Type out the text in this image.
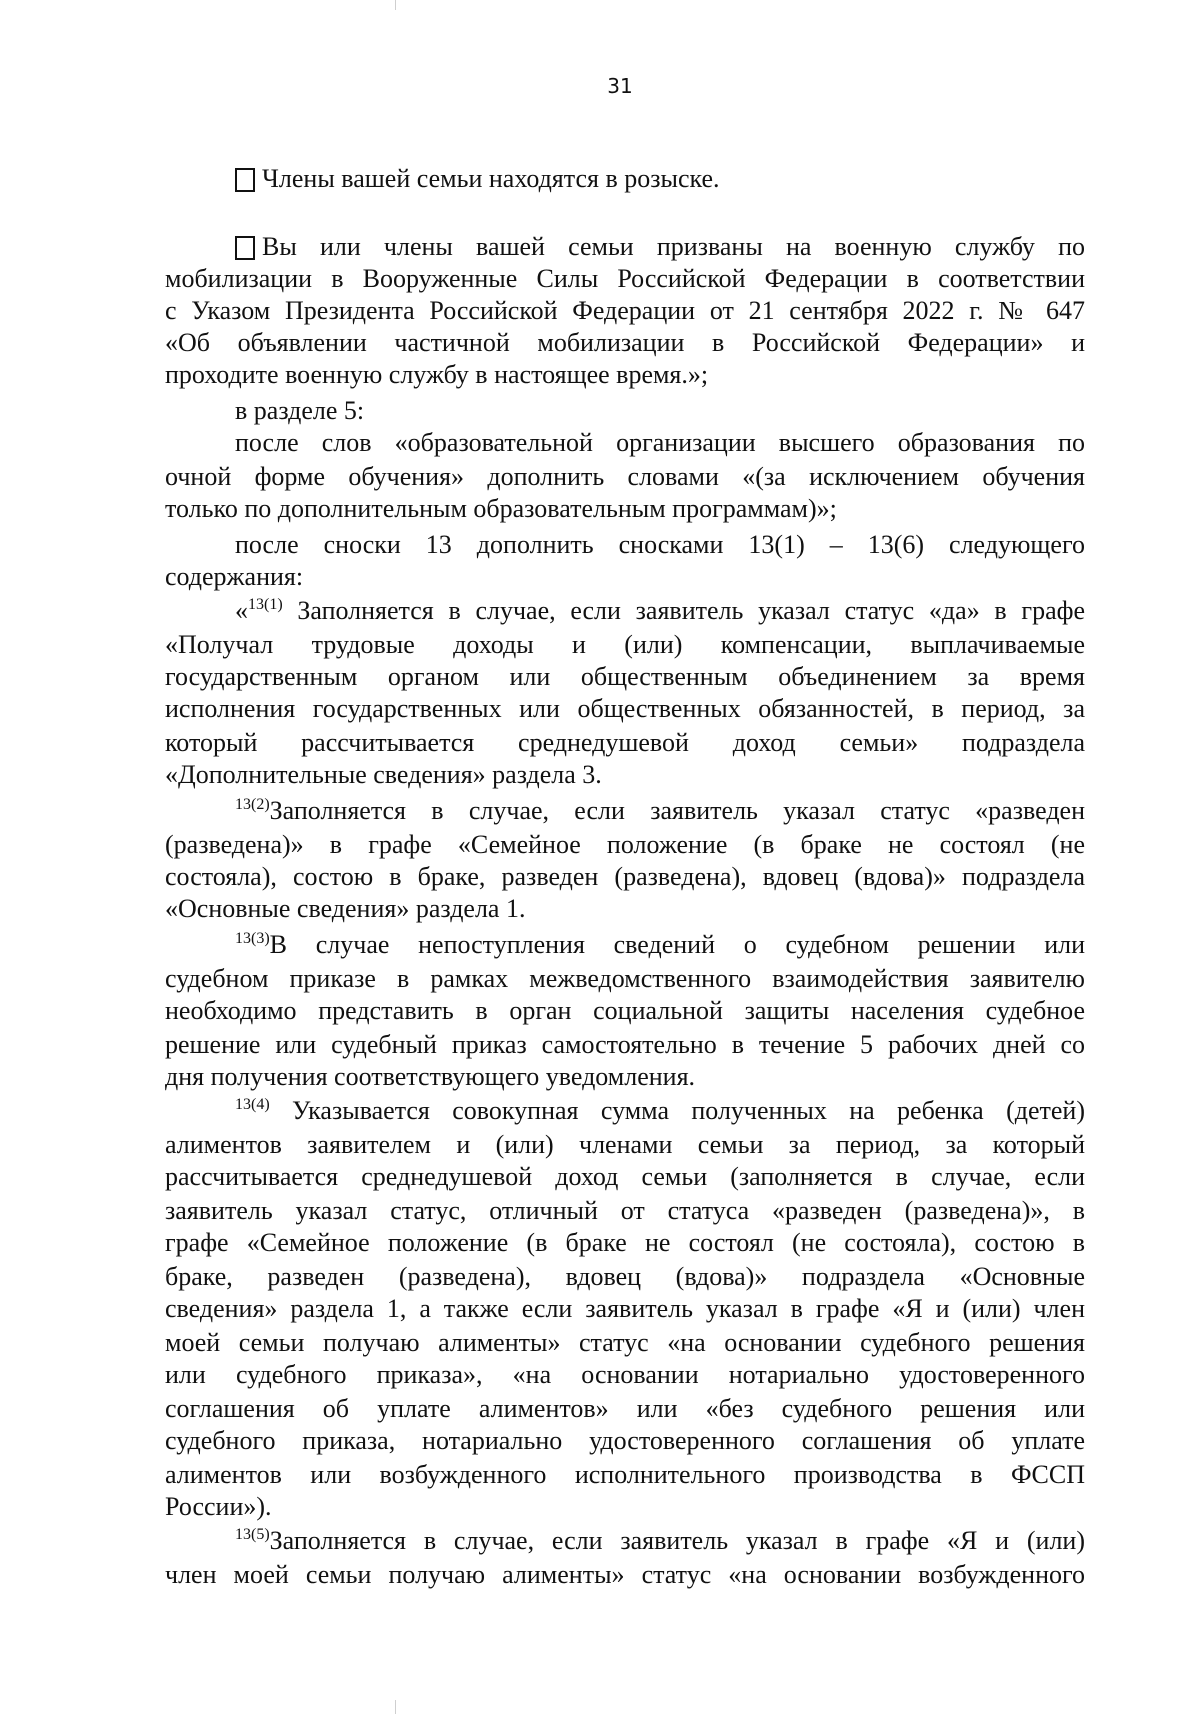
31
Члены вашей семьи находятся в розыске.
Вы или члены вашей семьи призваны на военную службу по
мобилизации в Вооруженные Силы Российской Федерации в соответствии
с Указом Президента Российской Федерации от 21 сентября 2022 г. № 647
«Об объявлении частичной мобилизации в Российской Федерации» и
проходите военную службу в настоящее время.»;
в разделе 5:
после слов «образовательной организации высшего образования по
очной форме обучения» дополнить словами «(за исключением обучения
только по дополнительным образовательным программам)»;
после сноски 13 дополнить сносками 13(1) – 13(6) следующего
содержания:
«$^{13(1)}$ Заполняется в случае, если заявитель указал статус «да» в графе
«Получал трудовые доходы и (или) компенсации, выплачиваемые
государственным органом или общественным объединением за время
исполнения государственных или общественных обязанностей, в период, за
который рассчитывается среднедушевой доход семьи» подраздела
«Дополнительные сведения» раздела 3.
$^{13(2)}$Заполняется в случае, если заявитель указал статус «разведен
(разведена)» в графе «Семейное положение (в браке не состоял (не
состояла), состою в браке, разведен (разведена), вдовец (вдова)» подраздела
«Основные сведения» раздела 1.
$^{13(3)}$В случае непоступления сведений о судебном решении или
судебном приказе в рамках межведомственного взаимодействия заявителю
необходимо представить в орган социальной защиты населения судебное
решение или судебный приказ самостоятельно в течение 5 рабочих дней со
дня получения соответствующего уведомления.
$^{13(4)}$ Указывается совокупная сумма полученных на ребенка (детей)
алиментов заявителем и (или) членами семьи за период, за который
рассчитывается среднедушевой доход семьи (заполняется в случае, если
заявитель указал статус, отличный от статуса «разведен (разведена)», в
графе «Семейное положение (в браке не состоял (не состояла), состою в
браке, разведен (разведена), вдовец (вдова)» подраздела «Основные
сведения» раздела 1, а также если заявитель указал в графе «Я и (или) член
моей семьи получаю алименты» статус «на основании судебного решения
или судебного приказа», «на основании нотариально удостоверенного
соглашения об уплате алиментов» или «без судебного решения или
судебного приказа, нотариально удостоверенного соглашения об уплате
алиментов или возбужденного исполнительного производства в ФССП
России»).
$^{13(5)}$Заполняется в случае, если заявитель указал в графе «Я и (или)
член моей семьи получаю алименты» статус «на основании возбужденного
